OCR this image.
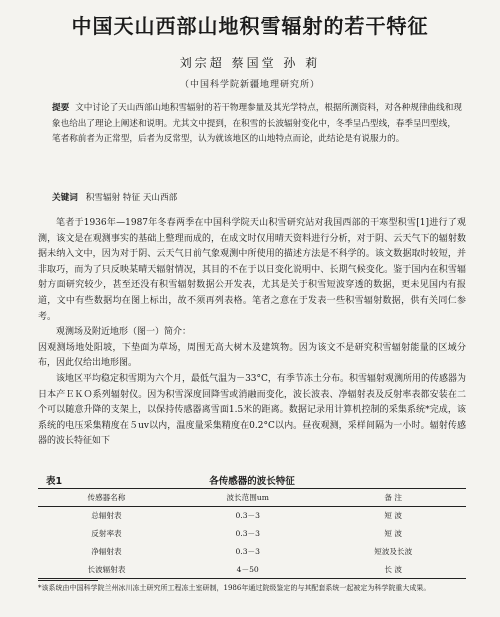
中国天山西部山地积雪辐射的若干特征
刘宗超 蔡国堂 孙 莉
（中国科学院新疆地理研究所）
提要 文中讨论了天山西部山地积雪辐射的若干物理参量及其光学特点，根据所测资料，对各种规律曲线和现象也给出了理论上阐述和说明。尤其文中提到，在积雪的长波辐射变化中，冬季呈凸型线，春季呈凹型线，笔者称前者为正常型，后者为反常型，认为就该地区的山地特点而论，此结论是有说服力的。
关键词 积雪辐射 特征 天山西部

笔者于1936年—1987年冬春两季在中国科学院天山积雪研究站对我国西部的干寒型积雪[1]进行了观测，该文是在观测事实的基础上整理而成的，在成文时仅用晴天资料进行分析，对于阴、云天气下的辐射数据未纳入文中，因为对于阴、云天气日前气象观测中所使用的描述方法是不科学的。该文数据取时较短，并非取巧，而为了只反映某晴天辐射情况，其目的不在于以日变化说明中、长期气候变化。鉴于国内在积雪辐射方面研究较少，甚至还没有积雪辐射数据公开发表，尤其是关于积雪短波穿透的数据，更未见国内有报道，文中有些数据均在图上标出，故不须再列表格。笔者之意在于发表一些积雪辐射数据，供有关同仁参考。

观测场及附近地形（图一）简介：

因观测场地处阳坡，下垫面为草场，周围无高大树木及建筑物。因为该文不是研究积雪辐射能量的区域分布，因此仅给出地形图。

该地区平均稳定积雪期为六个月，最低气温为－33°C，有季节冻土分布。积雪辐射观测所用的传感器为日本产ＥＫＯ系列辐射仪。因为积雪深度回降雪或消融而变化，波长波表、净辐射表及反射率表都安装在二个可以随意升降的支架上，以保持传感器离雪面1.5米的距离。数据记录用计算机控制的采集系统*完成，该系统的电压采集精度在５uv以内，温度量采集精度在0.2°C以内。昼夜观测，采样间隔为一小时。辐射传感器的波长特征如下

表1	各传感器的波长特征
传感器名称	波长范围um	备 注
总辐射表	0.3－3	短 波
反射率表	0.3－3	短 波
净辐射表	0.3－3	短波及长波
长波辐射表	4－50	长 波
*该系统由中国科学院兰州冰川冻土研究所工程冻土室研制，1986年通过院级鉴定的与其配套系统一起被定为科学院重大成果。
